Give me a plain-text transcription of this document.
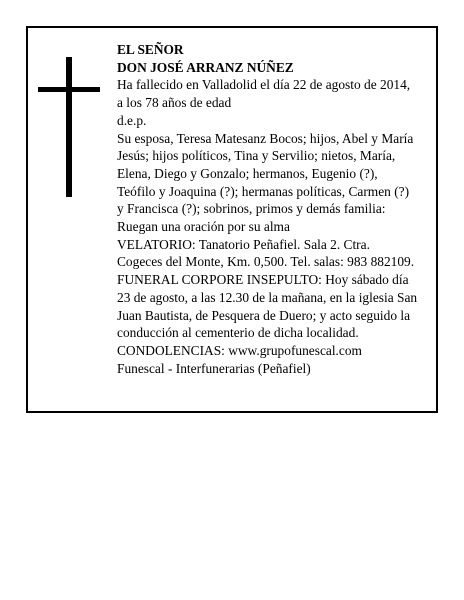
EL SEÑOR
DON JOSÉ ARRANZ NÚÑEZ
Ha fallecido en Valladolid el día 22 de agosto de 2014,
a los 78 años de edad
d.e.p.
Su esposa, Teresa Matesanz Bocos; hijos, Abel y María
Jesús; hijos políticos, Tina y Servilio; nietos, María,
Elena, Diego y Gonzalo; hermanos, Eugenio (?),
Teófilo y Joaquina (?); hermanas políticas, Carmen (?)
y Francisca (?); sobrinos, primos y demás familia:
Ruegan una oración por su alma
VELATORIO: Tanatorio Peñafiel. Sala 2. Ctra.
Cogeces del Monte, Km. 0,500. Tel. salas: 983 882109.
FUNERAL CORPORE INSEPULTO: Hoy sábado día
23 de agosto, a las 12.30 de la mañana, en la iglesia San
Juan Bautista, de Pesquera de Duero; y acto seguido la
conducción al cementerio de dicha localidad.
CONDOLENCIAS: www.grupofunescal.com
Funescal - Interfunerarias (Peñafiel)
